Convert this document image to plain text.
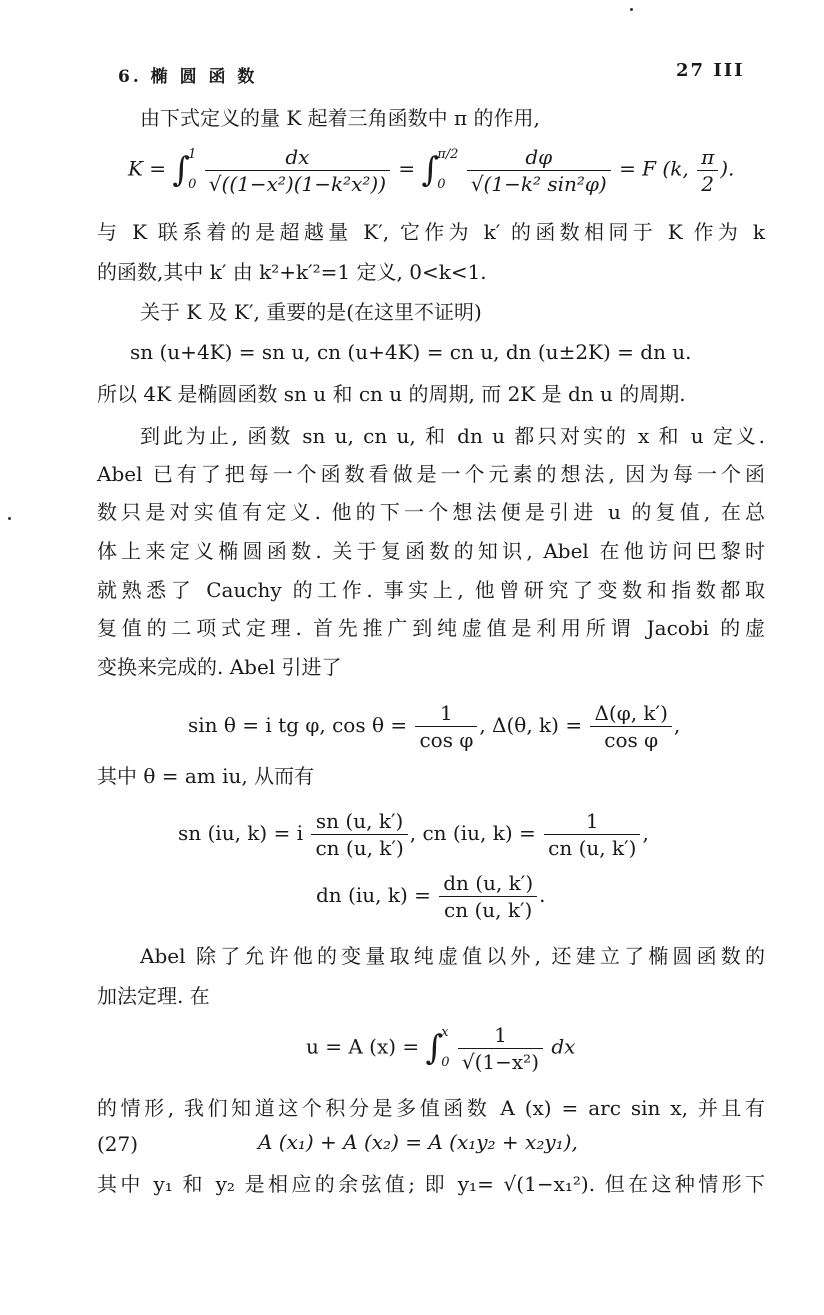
6. 椭 圆 函 数	27 III
由下式定义的量 K 起着三角函数中 π 的作用,
K = ∫
1
0
$\frac{dx}{\text{√((1−x²)(1−k²x²))}}$ = ∫
π/2
0
	$\frac{d\varphi}{\text{√(1−k² sin²φ)}} = F$ (k, $\frac{\pi}{2}$ ).
与 K 联系着的是超越量 K′, 它作为 k′ 的函数相同于 K 作为 k
的函数,其中 k′ 由 k²+k′²=1 定义, 0<k<1.
关于 K 及 K′, 重要的是(在这里不证明)
sn (u+4K) = sn u, cn (u+4K) = cn u, dn (u±2K) = dn u.
所以 4K 是椭圆函数 sn u 和 cn u 的周期, 而 2K 是 dn u 的周期.
到此为止, 函数 sn u, cn u, 和 dn u 都只对实的 x 和 u 定义.
Abel 已有了把每一个函数看做是一个元素的想法, 因为每一个函
数只是对实值有定义. 他的下一个想法便是引进 u 的复值, 在总
体上来定义椭圆函数. 关于复函数的知识, Abel 在他访问巴黎时
就熟悉了 Cauchy 的工作. 事实上, 他曾研究了变数和指数都取
复值的二项式定理. 首先推广到纯虚值是利用所谓 Jacobi 的虚
变换来完成的. Abel 引进了
sin θ = i tg φ, $\cos \theta = \frac{1}{\text{cos φ}}$ , Δ(θ, $k) = \frac{\Delta(\varphi, k')}{\text{cos φ}}$ ,
其中 θ = am iu, 从而有
sn (iu, k) = i $\frac{sn (u, k')}{cn (u, k')}$ , cn (iu, $k) = \frac{1}{cn (u, k')}$ ,
dn (iu, $k) = \frac{dn (u, k')}{cn (u, k')}$ .
Abel 除了允许他的变量取纯虚值以外, 还建立了椭圆函数的
加法定理. 在
u = A (x) = ∫
x
0
$\frac{1}{\text{√(1−x²)}}$ dx
的情形, 我们知道这个积分是多值函数 A (x) = arc sin x, 并且有
(27)	A (x₁) + A (x₂) = A (x₁y₂ + x₂y₁),
其中 y₁ 和 y₂ 是相应的余弦值; 即 y₁= √(1−x₁²). 但在这种情形下
